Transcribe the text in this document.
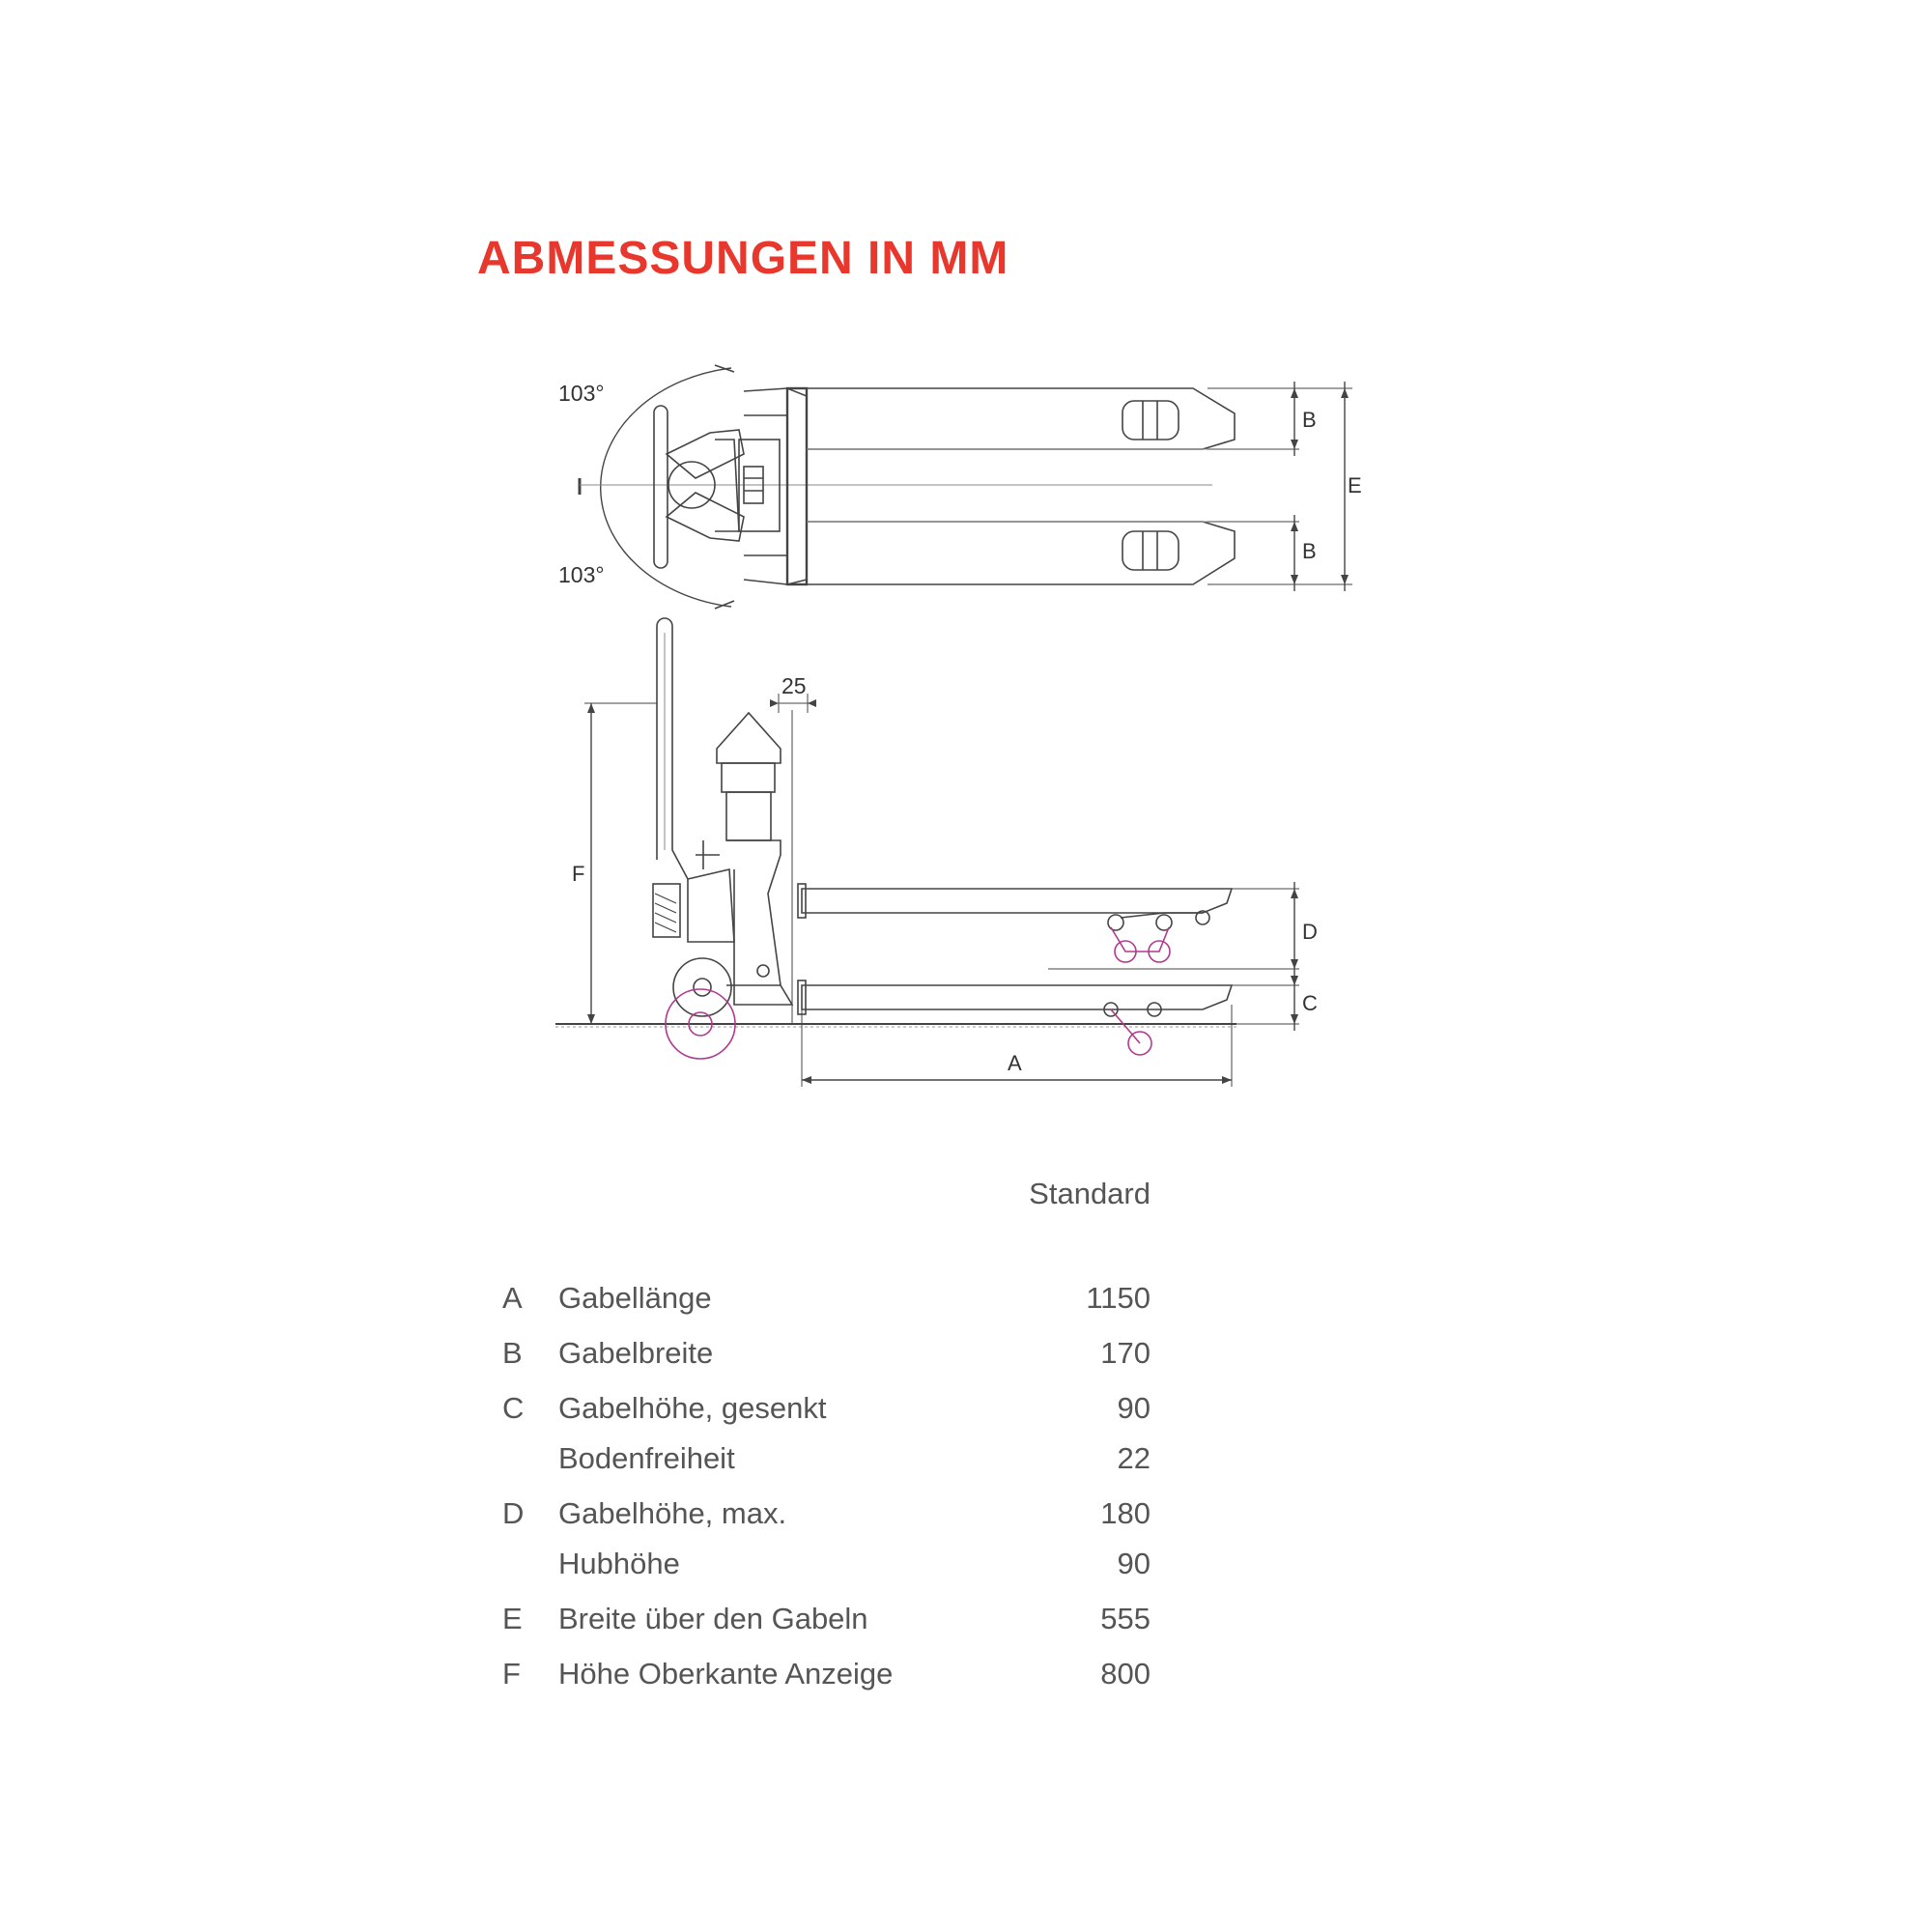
ABMESSUNGEN IN MM
103°
103°
B
B
E
25
F
D
C
A
Standard
A	Gabellänge	1150
B	Gabelbreite	170
C	Gabelhöhe, gesenkt	90
Bodenfreiheit	22
D	Gabelhöhe, max.	180
Hubhöhe	90
E	Breite über den Gabeln	555
F	Höhe Oberkante Anzeige	800
